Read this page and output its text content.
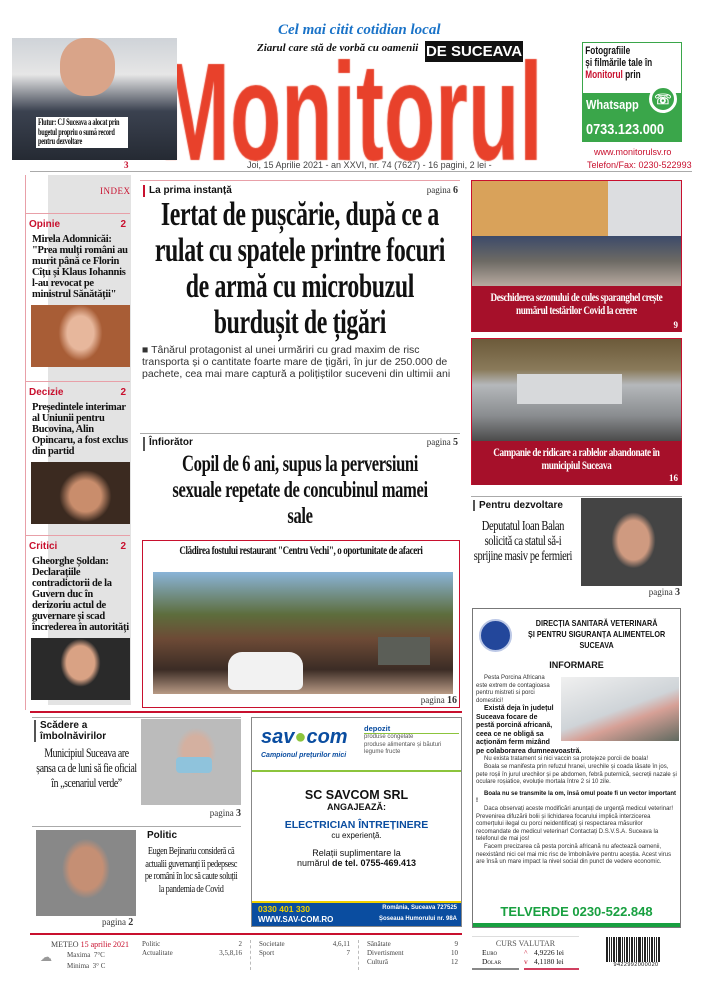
Cel mai citit cotidian local
Flutur: CJ Suceava a alocat prin bugetul propriu o sumă record pentru dezvoltare
3
Ziarul care stă de vorbă cu oamenii DE SUCEAVA	Fotografiile
și filmările tale în
Monitorul prin
Whatsapp	☏
0733.123.000
www.monitorulsv.ro
Joi, 15 Aprilie 2021 - an XXVI, nr. 74 (7627) - 16 pagini, 2 lei -	Telefon/Fax: 0230-522993
INDEX
Opinie	2
Mirela Adomnicăi: "Prea mulți români au murit până ce Florin Cîțu și Klaus Iohannis l-au revocat pe ministrul Sănătății"
Decizie	2
Președintele interimar al Uniunii pentru Bucovina, Alin Opincaru, a fost exclus din partid
Critici	2
Gheorghe Șoldan: Declarațiile contradictorii de la Guvern duc în derizoriu actul de guvernare și scad încrederea în autorități
La prima instanță	pagina 6
Iertat de pușcărie, după ce a rulat cu spatele printre focuri de armă cu microbuzul burdușit de țigări
■ Tânărul protagonist al unei urmăriri cu grad maxim de risc transporta și o cantitate foarte mare de țigări, în jur de 250.000 de pachete, cea mai mare captură a polițiștilor suceveni din ultimii ani
Înfiorător	pagina 5
Copil de 6 ani, supus la perversiuni sexuale repetate de concubinul mamei sale
Clădirea fostului restaurant "Centru Vechi", o oportunitate de afaceri
pagina 16
Deschiderea sezonului de cules sparanghel crește numărul testărilor Covid la cerere
9
Campanie de ridicare a rablelor abandonate în municipiul Suceava
16
Pentru dezvoltare
Deputatul Ioan Balan solicită ca statul să-i sprijine masiv pe fermieri
pagina 3
DIRECȚIA SANITARĂ VETERINARĂ
ȘI PENTRU SIGURANȚA ALIMENTELOR
SUCEAVA
INFORMARE
Pesta Porcina Africana este extrem de contagioasa pentru mistreti si porci domestici!
Există deja în județul Suceava focare de pestă porcină africană, ceea ce ne obligă sa acționăm ferm mizând pe colaborarea dumneavoastră.
Nu exista tratament si nici vaccin sa protejeze porcii de boala!
Boala se manifesta prin refuzul hranei, urechile și coada lăsate în jos, pete roșii în jurul urechilor și pe abdomen, febră puternică, secreții nazale și oculare roșiatice, evoluție mortala între 2 si 10 zile.
Boala nu se transmite la om, însă omul poate fi un vector important !
Daca observați aceste modificări anunțați de urgență medicul veterinar! Prevenirea difuzării bolii și lichidarea focarului implică interzicerea comerțului ilegal cu porci neidentificați și respectarea măsurilor recomandate de medicul veterinar! Contactați D.S.V.S.A. Suceava la telefonul de mai jos!
Facem precizarea că pesta porcină africană nu afectează oamenii, neexistând nici cel mai mic risc de îmbolnăvire pentru aceștia. Acest virus are însă un mare impact la nivel social din punct de vedere economic.
TELVERDE 0230-522.848
Scădere a îmbolnăvirilor
Municipiul Suceava are șansa ca de luni să fie oficial în „scenariul verde”
pagina 3
pagina 2
Politic
Eugen Bejinariu consideră că actualii guvernanți îi pedepsesc pe români în loc să caute soluții la pandemia de Covid
sav●com
Campionul prețurilor mici
depozit
produse congelate
produse alimentare și băuturi
legume fructe
SC SAVCOM SRL
ANGAJEAZĂ:
ELECTRICIAN ÎNTREȚINERE
cu experiență.
Relații suplimentare la
numărul de tel. 0755-469.413
0330 401 330
WWW.SAV-COM.RO
România, Suceava 727525
Șoseaua Humorului nr. 98A
METEO 15 aprilie 2021
☁	Maxima 7°C
Minima 3° C
Politic	2
Actualitate	3,5,8,16
Societate	4,6,11
Sport	7
Sănătate	9
Divertisment	10
Cultură	12
CURS VALUTAR
Euro	^ 4,9226 lei
Dolar	v 4,1180 lei	9422992000020
